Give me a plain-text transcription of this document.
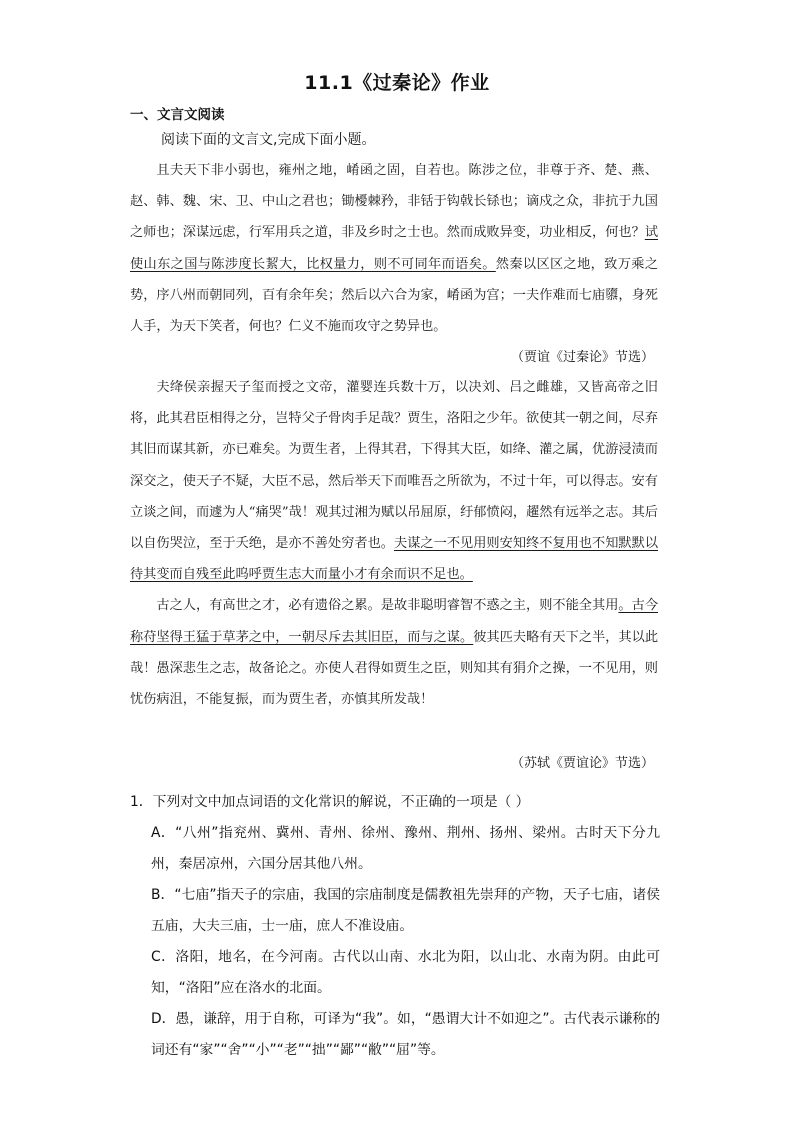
11.1《过秦论》作业
一、文言文阅读
阅读下面的文言文,完成下面小题。

且夫天下非小弱也，雍州之地，崤函之固，自若也。陈涉之位，非尊于齐、楚、燕、赵、韩、魏、宋、卫、中山之君也；锄櫌棘矜，非铦于钩戟长铩也；谪戍之众，非抗于九国之师也；深谋远虑，行军用兵之道，非及乡时之士也。然而成败异变，功业相反，何也？试使山东之国与陈涉度长絜大，比权量力，则不可同年而语矣。然秦以区区之地，致万乘之势，序八州而朝同列，百有余年矣；然后以六合为家，崤函为宫；一夫作难而七庙隳，身死人手，为天下笑者，何也？仁义不施而攻守之势异也。

（贾谊《过秦论》节选）

夫绛侯亲握天子玺而授之文帝，灌婴连兵数十万，以决刘、吕之雌雄，又皆高帝之旧将，此其君臣相得之分，岂特父子骨肉手足哉？贾生，洛阳之少年。欲使其一朝之间，尽弃其旧而谋其新，亦已难矣。为贾生者，上得其君，下得其大臣，如绛、灌之属，优游浸渍而深交之，使天子不疑，大臣不忌，然后举天下而唯吾之所欲为，不过十年，可以得志。安有立谈之间，而遽为人“痛哭”哉！观其过湘为赋以吊屈原，纡郁愤闷，趯然有远举之志。其后以自伤哭泣，至于夭绝，是亦不善处穷者也。夫谋之一不见用则安知终不复用也不知默默以待其变而自残至此呜呼贾生志大而量小才有余而识不足也。

古之人，有高世之才，必有遗俗之累。是故非聪明睿智不惑之主，则不能全其用。古今称苻坚得王猛于草茅之中，一朝尽斥去其旧臣，而与之谋。彼其匹夫略有天下之半，其以此哉！愚深悲生之志，故备论之。亦使人君得如贾生之臣，则知其有狷介之操，一不见用，则忧伤病沮，不能复振，而为贾生者，亦慎其所发哉！

（苏轼《贾谊论》节选）

1．下列对文中加点词语的文化常识的解说，不正确的一项是（ ）

A．“八州”指兖州、冀州、青州、徐州、豫州、荆州、扬州、梁州。古时天下分九州，秦居凉州，六国分居其他八州。

B．“七庙”指天子的宗庙，我国的宗庙制度是儒教祖先崇拜的产物，天子七庙，诸侯五庙，大夫三庙，士一庙，庶人不准设庙。

C．洛阳，地名，在今河南。古代以山南、水北为阳，以山北、水南为阴。由此可知，“洛阳”应在洛水的北面。

D．愚，谦辞，用于自称，可译为“我”。如，“愚谓大计不如迎之”。古代表示谦称的词还有“家”“舍”“小”“老”“拙”“鄙”“敝”“屈”等。
